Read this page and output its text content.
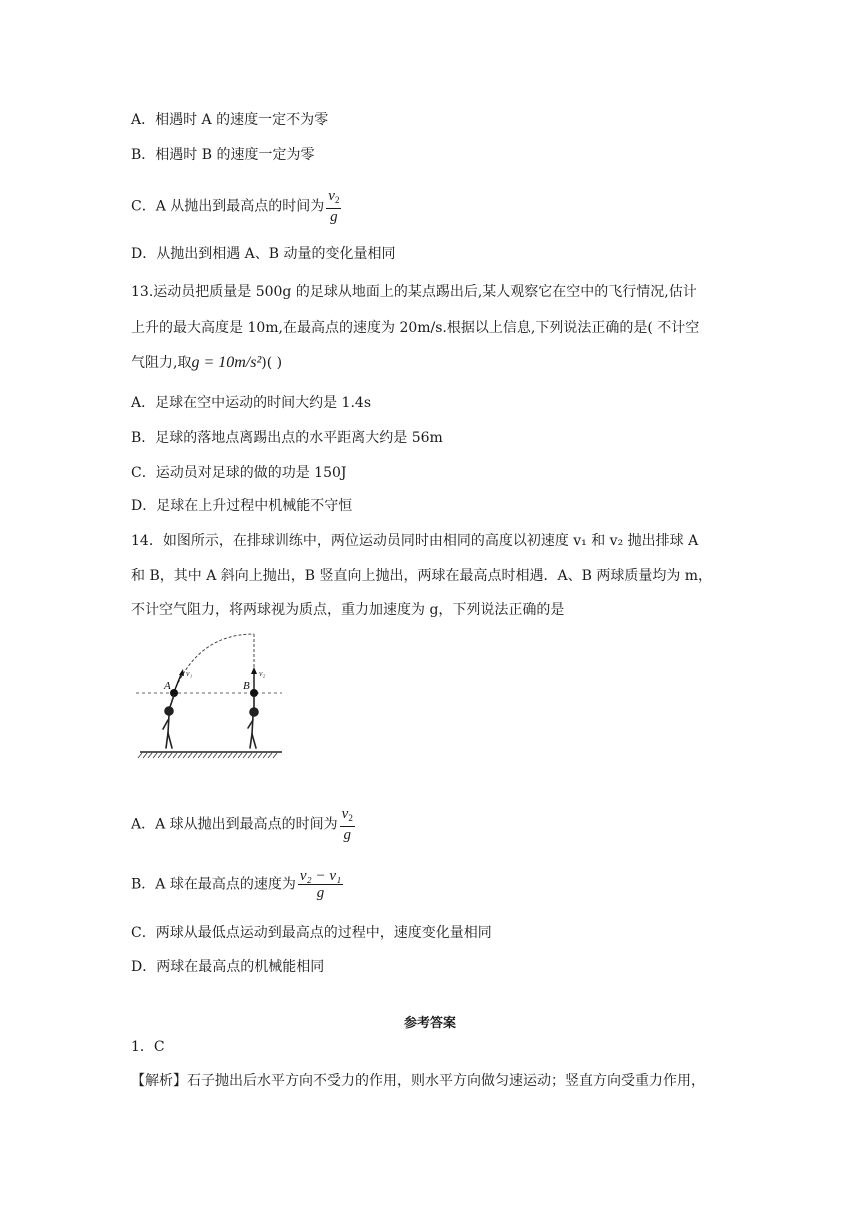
A．相遇时 A 的速度一定不为零
B．相遇时 B 的速度一定为零
C．A 从抛出到最高点的时间为 $\frac{v_2}{g}$
D．从抛出到相遇 A、B 动量的变化量相同
13.运动员把质量是 500g 的足球从地面上的某点踢出后,某人观察它在空中的飞行情况,估计
上升的最大高度是 10m,在最高点的速度为 20m/s.根据以上信息,下列说法正确的是( 不计空
气阻力,取g = 10m/s²)( )
A．足球在空中运动的时间大约是 1.4s
B．足球的落地点离踢出点的水平距离大约是 56m
C．运动员对足球的做的功是 150J
D．足球在上升过程中机械能不守恒
14．如图所示，在排球训练中，两位运动员同时由相同的高度以初速度 v₁ 和 v₂ 抛出排球 A
和 B，其中 A 斜向上抛出，B 竖直向上抛出，两球在最高点时相遇．A、B 两球质量均为 m，
不计空气阻力，将两球视为质点，重力加速度为 g，下列说法正确的是
A	B
v₁	v₂
A．A 球从抛出到最高点的时间为 $\frac{v_2}{g}$
B．A 球在最高点的速度为 $\frac{\text{v₂ − v₁}}{g}$
C．两球从最低点运动到最高点的过程中，速度变化量相同
D．两球在最高点的机械能相同
参考答案
1．C
【解析】石子抛出后水平方向不受力的作用，则水平方向做匀速运动；竖直方向受重力作用，
